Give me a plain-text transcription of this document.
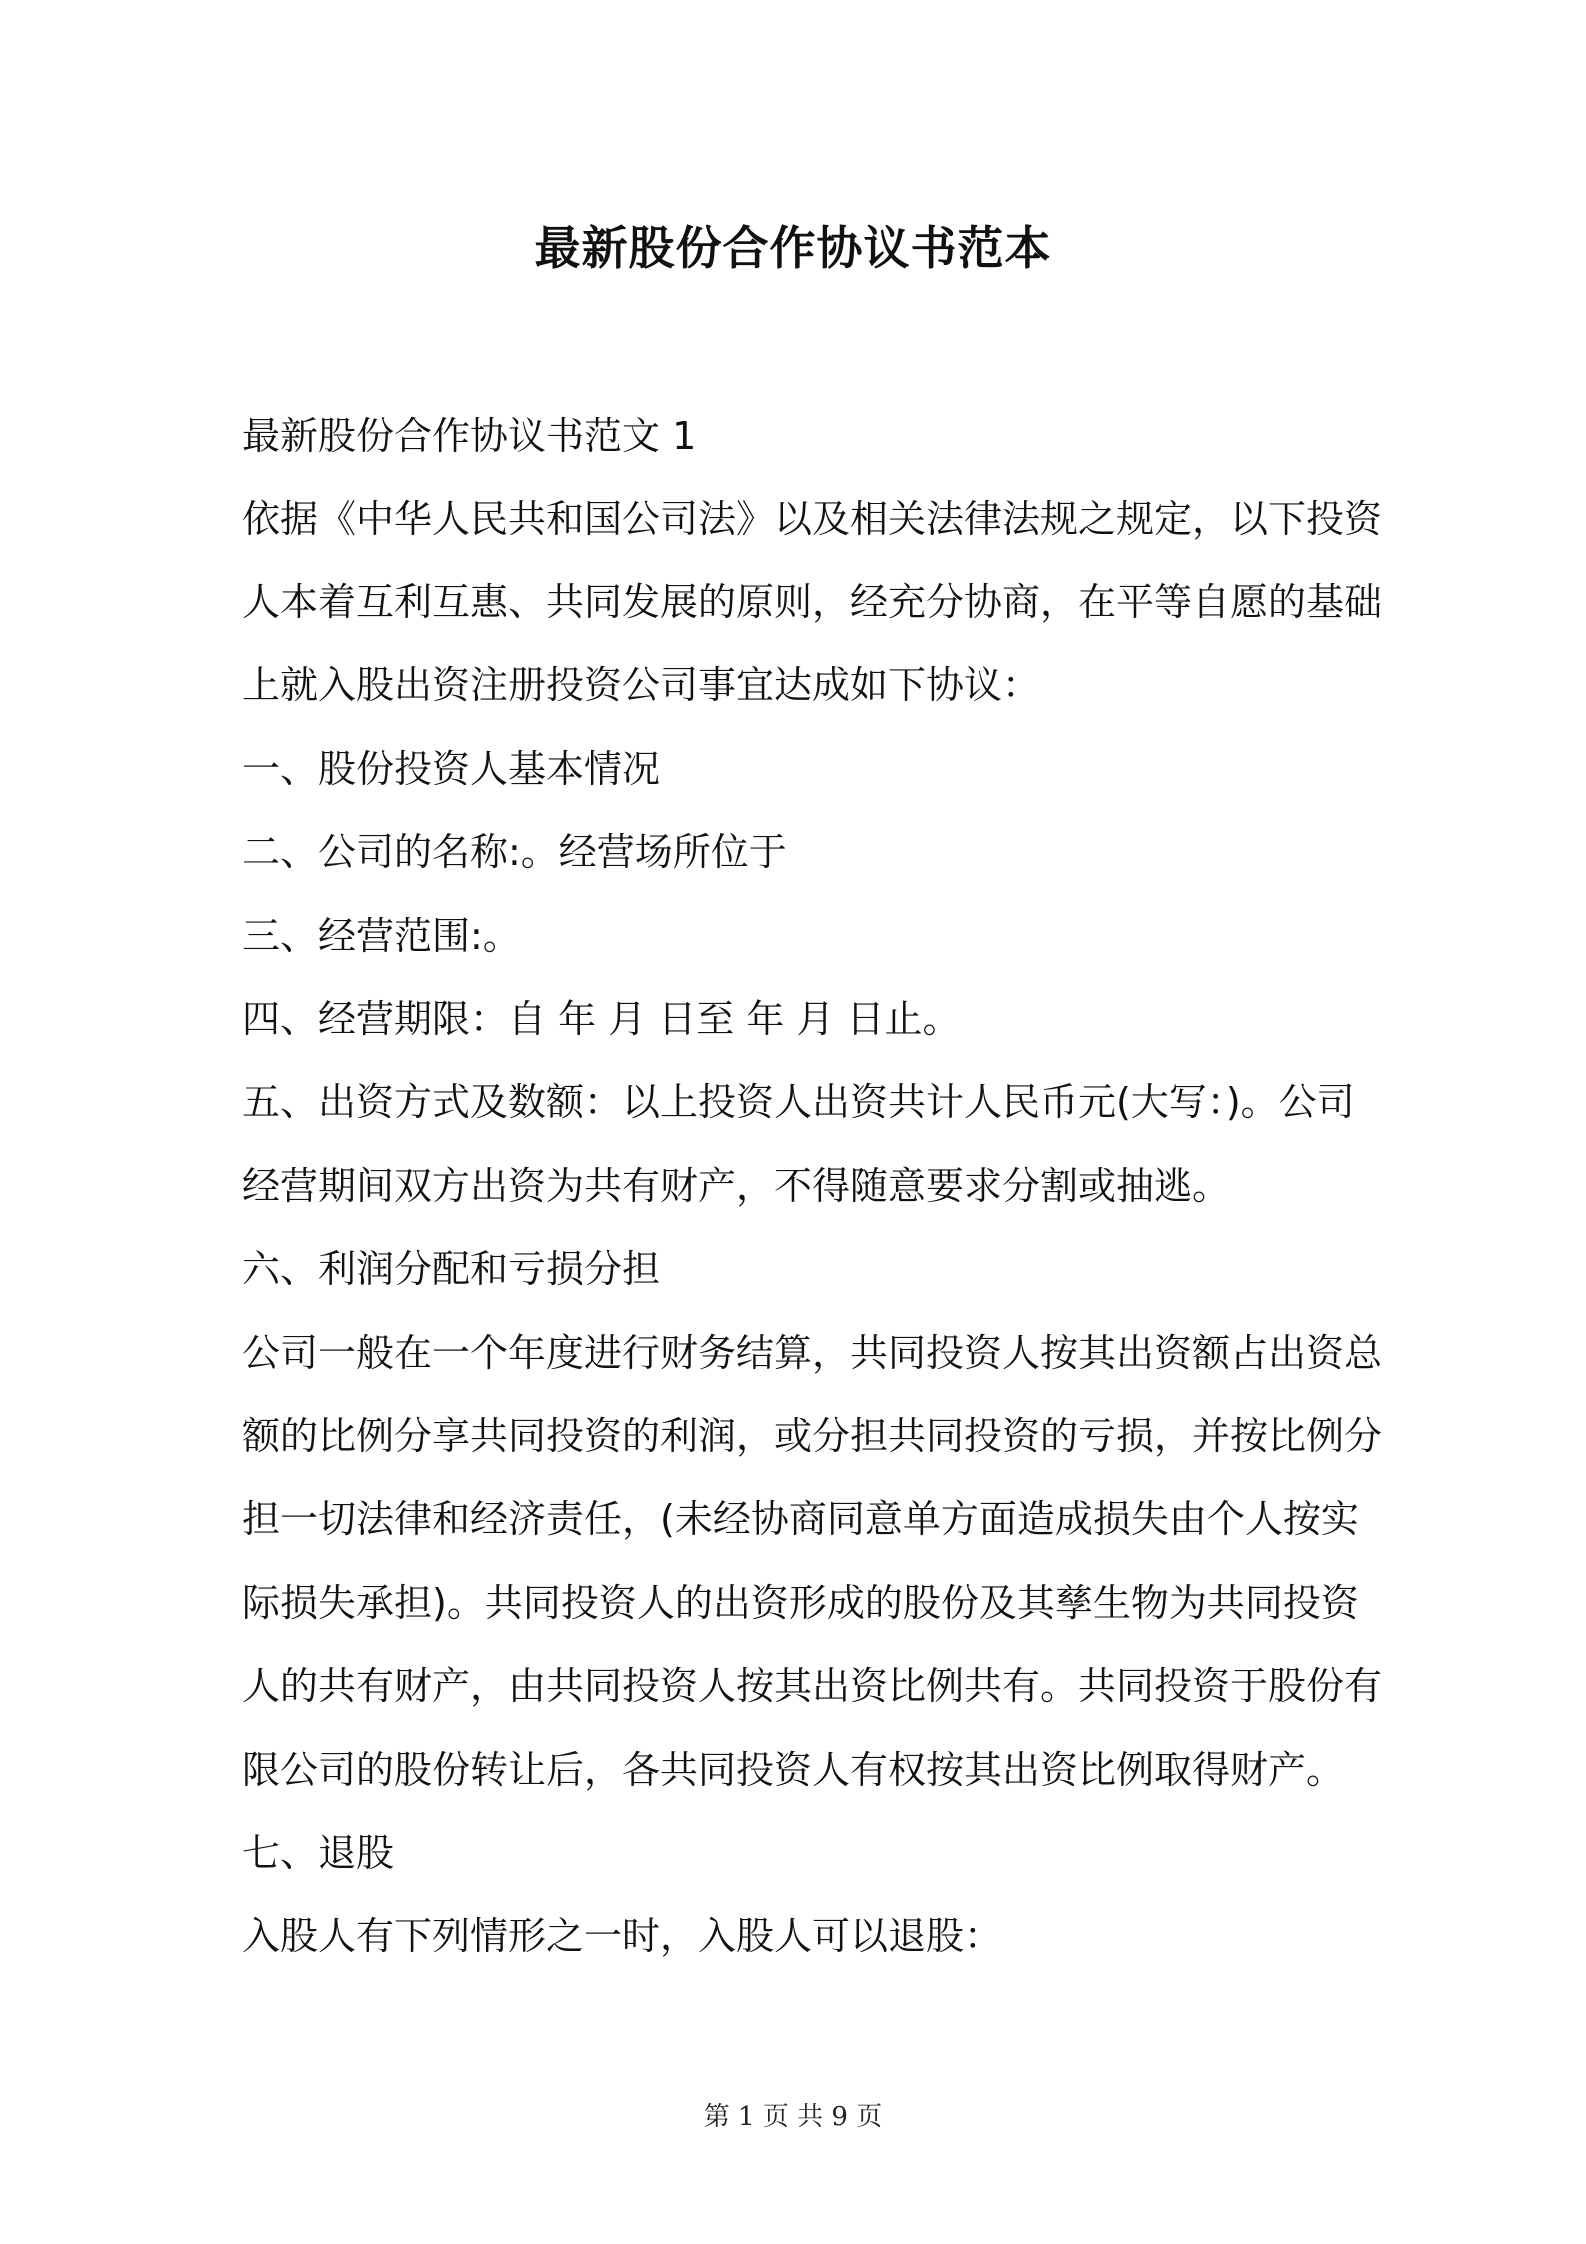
最新股份合作协议书范本
最新股份合作协议书范文 1
依据《中华人民共和国公司法》以及相关法律法规之规定，以下投资
人本着互利互惠、共同发展的原则，经充分协商，在平等自愿的基础
上就入股出资注册投资公司事宜达成如下协议：
一、股份投资人基本情况
二、公司的名称:。经营场所位于
三、经营范围:。
四、经营期限：自 年 月 日至 年 月 日止。
五、出资方式及数额：以上投资人出资共计人民币元(大写：)。公司
经营期间双方出资为共有财产，不得随意要求分割或抽逃。
六、利润分配和亏损分担
公司一般在一个年度进行财务结算，共同投资人按其出资额占出资总
额的比例分享共同投资的利润，或分担共同投资的亏损，并按比例分
担一切法律和经济责任，(未经协商同意单方面造成损失由个人按实
际损失承担)。共同投资人的出资形成的股份及其孳生物为共同投资
人的共有财产，由共同投资人按其出资比例共有。共同投资于股份有
限公司的股份转让后，各共同投资人有权按其出资比例取得财产。
七、退股
入股人有下列情形之一时，入股人可以退股：
第 1 页 共 9 页
